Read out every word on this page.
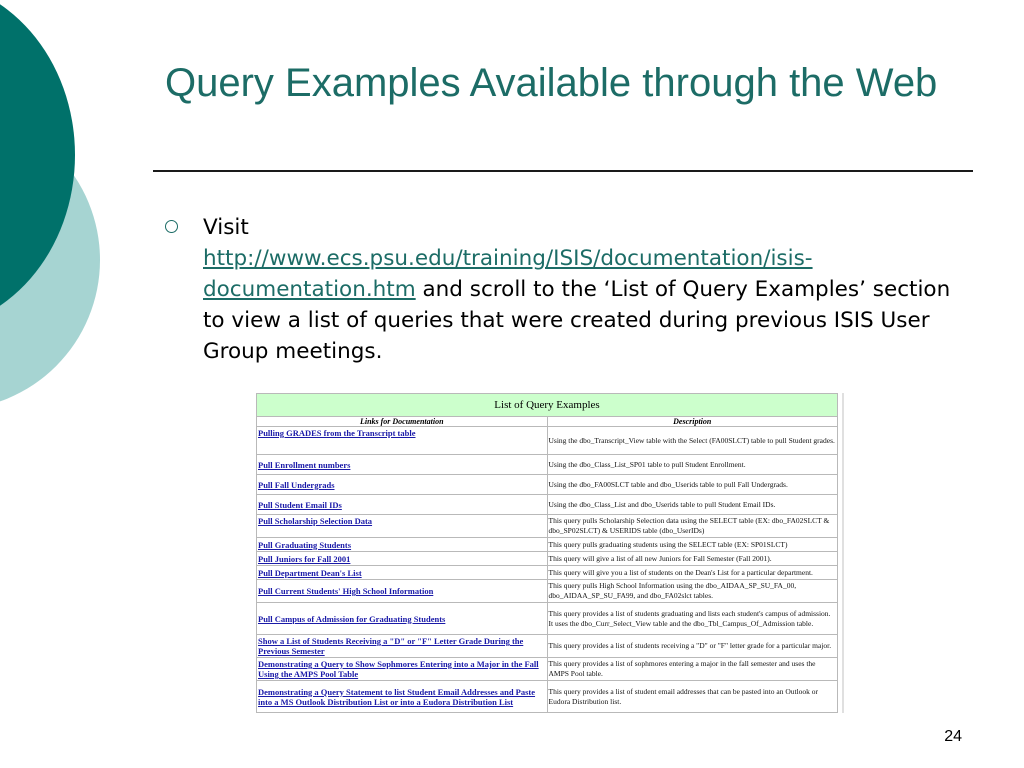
Query Examples Available through the Web
Visit
http://www.ecs.psu.edu/training/ISIS/documentation/isis-documentation.htm and scroll to the ‘List of Query Examples’ section to view a list of queries that were created during previous ISIS User Group meetings.
List of Query Examples	
Links for Documentation	Description
Pulling GRADES from the Transcript table	Using the dbo_Transcript_View table with the Select (FA00SLCT) table to pull Student grades.
Pull Enrollment numbers	Using the dbo_Class_List_SP01 table to pull Student Enrollment.
Pull Fall Undergrads	Using the dbo_FA00SLCT table and dbo_Userids table to pull Fall Undergrads.
Pull Student Email IDs	Using the dbo_Class_List and dbo_Userids table to pull Student Email IDs.
Pull Scholarship Selection Data	This query pulls Scholarship Selection data using the SELECT table (EX: dbo_FA02SLCT & dbo_SP02SLCT) & USERIDS table (dbo_UserIDs)
Pull Graduating Students	This query pulls graduating students using the SELECT table (EX: SP01SLCT)
Pull Juniors for Fall 2001	This query will give a list of all new Juniors for Fall Semester (Fall 2001).
Pull Department Dean's List	This query will give you a list of students on the Dean's List for a particular department.
Pull Current Students' High School Information	This query pulls High School Information using the dbo_AIDAA_SP_SU_FA_00, dbo_AIDAA_SP_SU_FA99, and dbo_FA02slct tables.
Pull Campus of Admission for Graduating Students	This query provides a list of students graduating and lists each student's campus of admission. It uses the dbo_Curr_Select_View table and the dbo_Tbl_Campus_Of_Admission table.
Show a List of Students Receiving a "D" or "F" Letter Grade During the Previous Semester	This query provides a list of students receiving a "D" or "F" letter grade for a particular major.
Demonstrating a Query to Show Sophmores Entering into a Major in the Fall Using the AMPS Pool Table	This query provides a list of sophmores entering a major in the fall semester and uses the AMPS Pool table.
Demonstrating a Query Statement to list Student Email Addresses and Paste into a MS Outlook Distribution List or into a Eudora Distribution List	This query provides a list of student email addresses that can be pasted into an Outlook or Eudora Distribution list.
24
